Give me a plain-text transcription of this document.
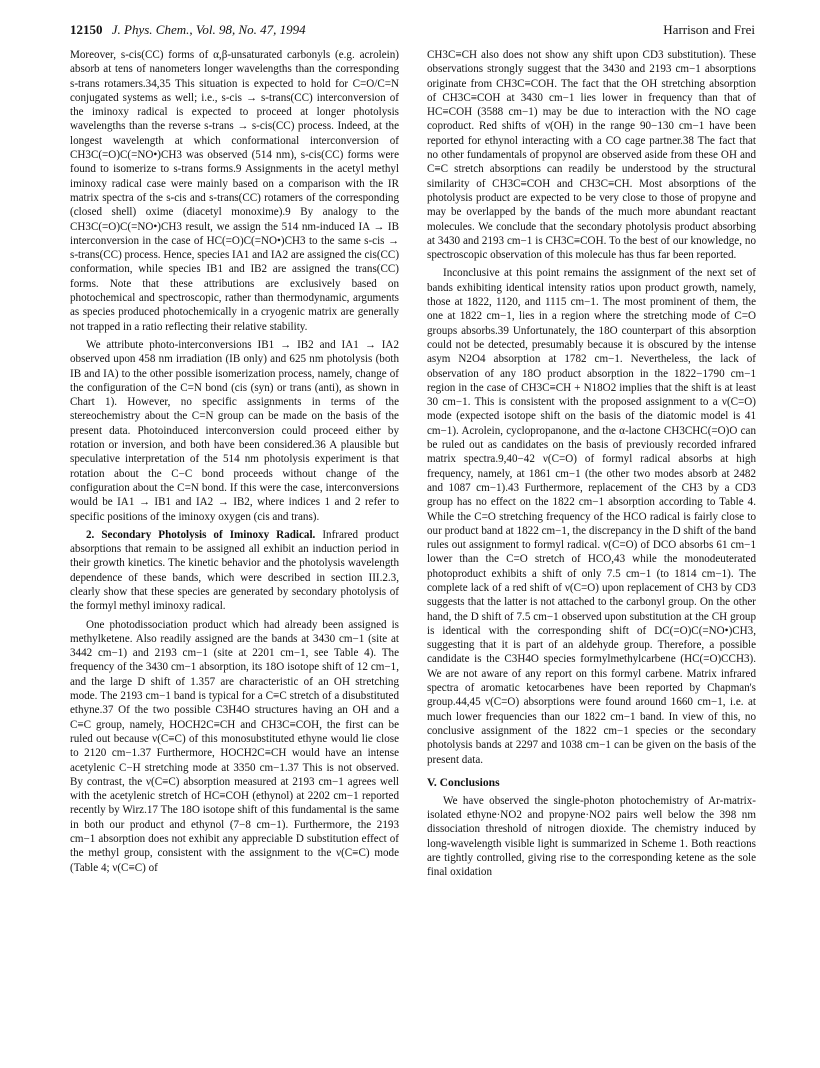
12150 J. Phys. Chem., Vol. 98, No. 47, 1994	Harrison and Frei

Moreover, s-cis(CC) forms of α,β-unsaturated carbonyls (e.g. acrolein) absorb at tens of nanometers longer wavelengths than the corresponding s-trans rotamers.34,35 This situation is expected to hold for C=O/C=N conjugated systems as well; i.e., s-cis → s-trans(CC) interconversion of the iminoxy radical is expected to proceed at longer photolysis wavelengths than the reverse s-trans → s-cis(CC) process. Indeed, at the longest wavelength at which conformational interconversion of CH3C(=O)C(=NO•)CH3 was observed (514 nm), s-cis(CC) forms were found to isomerize to s-trans forms.9 Assignments in the acetyl methyl iminoxy radical case were mainly based on a comparison with the IR matrix spectra of the s-cis and s-trans(CC) rotamers of the corresponding (closed shell) oxime (diacetyl monoxime).9 By analogy to the CH3C(=O)C(=NO•)CH3 result, we assign the 514 nm-induced IA → IB interconversion in the case of HC(=O)C(=NO•)CH3 to the same s-cis → s-trans(CC) process. Hence, species IA1 and IA2 are assigned the cis(CC) conformation, while species IB1 and IB2 are assigned the trans(CC) forms. Note that these attributions are exclusively based on photochemical and spectroscopic, rather than thermodynamic, arguments as species produced photochemically in a cryogenic matrix are generally not trapped in a ratio reflecting their relative stability.

We attribute photo-interconversions IB1 → IB2 and IA1 → IA2 observed upon 458 nm irradiation (IB only) and 625 nm photolysis (both IB and IA) to the other possible isomerization process, namely, change of the configuration of the C=N bond (cis (syn) or trans (anti), as shown in Chart 1). However, no specific assignments in terms of the stereochemistry about the C=N group can be made on the basis of the present data. Photoinduced interconversion could proceed either by rotation or inversion, and both have been considered.36 A plausible but speculative interpretation of the 514 nm photolysis experiment is that rotation about the C−C bond proceeds without change of the configuration about the C=N bond. If this were the case, interconversions would be IA1 → IB1 and IA2 → IB2, where indices 1 and 2 refer to specific positions of the iminoxy oxygen (cis and trans).

2. Secondary Photolysis of Iminoxy Radical. Infrared product absorptions that remain to be assigned all exhibit an induction period in their growth kinetics. The kinetic behavior and the photolysis wavelength dependence of these bands, which were described in section III.2.3, clearly show that these species are generated by secondary photolysis of the formyl methyl iminoxy radical.

One photodissociation product which had already been assigned is methylketene. Also readily assigned are the bands at 3430 cm−1 (site at 3442 cm−1) and 2193 cm−1 (site at 2201 cm−1, see Table 4). The frequency of the 3430 cm−1 absorption, its 18O isotope shift of 12 cm−1, and the large D shift of 1.357 are characteristic of an OH stretching mode. The 2193 cm−1 band is typical for a C≡C stretch of a disubstituted ethyne.37 Of the two possible C3H4O structures having an OH and a C≡C group, namely, HOCH2C≡CH and CH3C≡COH, the first can be ruled out because ν(C≡C) of this monosubstituted ethyne would lie close to 2120 cm−1.37 Furthermore, HOCH2C≡CH would have an intense acetylenic C−H stretching mode at 3350 cm−1.37 This is not observed. By contrast, the ν(C≡C) absorption measured at 2193 cm−1 agrees well with the acetylenic stretch of HC≡COH (ethynol) at 2202 cm−1 reported recently by Wirz.17 The 18O isotope shift of this fundamental is the same in both our product and ethynol (7−8 cm−1). Furthermore, the 2193 cm−1 absorption does not exhibit any appreciable D substitution effect of the methyl group, consistent with the assignment to the ν(C≡C) mode (Table 4; ν(C≡C) of

CH3C≡CH also does not show any shift upon CD3 substitution). These observations strongly suggest that the 3430 and 2193 cm−1 absorptions originate from CH3C≡COH. The fact that the OH stretching absorption of CH3C≡COH at 3430 cm−1 lies lower in frequency than that of HC≡COH (3588 cm−1) may be due to interaction with the NO cage coproduct. Red shifts of ν(OH) in the range 90−130 cm−1 have been reported for ethynol interacting with a CO cage partner.38 The fact that no other fundamentals of propynol are observed aside from these OH and C≡C stretch absorptions can readily be understood by the structural similarity of CH3C≡COH and CH3C≡CH. Most absorptions of the photolysis product are expected to be very close to those of propyne and may be overlapped by the bands of the much more abundant reactant molecules. We conclude that the secondary photolysis product absorbing at 3430 and 2193 cm−1 is CH3C≡COH. To the best of our knowledge, no spectroscopic observation of this molecule has thus far been reported.

Inconclusive at this point remains the assignment of the next set of bands exhibiting identical intensity ratios upon product growth, namely, those at 1822, 1120, and 1115 cm−1. The most prominent of them, the one at 1822 cm−1, lies in a region where the stretching mode of C=O groups absorbs.39 Unfortunately, the 18O counterpart of this absorption could not be detected, presumably because it is obscured by the intense asym N2O4 absorption at 1782 cm−1. Nevertheless, the lack of observation of any 18O product absorption in the 1822−1790 cm−1 region in the case of CH3C≡CH + N18O2 implies that the shift is at least 30 cm−1. This is consistent with the proposed assignment to a ν(C=O) mode (expected isotope shift on the basis of the diatomic model is 41 cm−1). Acrolein, cyclopropanone, and the α-lactone CH3CHC(=O)O can be ruled out as candidates on the basis of previously recorded infrared matrix spectra.9,40−42 ν(C=O) of formyl radical absorbs at high frequency, namely, at 1861 cm−1 (the other two modes absorb at 2482 and 1087 cm−1).43 Furthermore, replacement of the CH3 by a CD3 group has no effect on the 1822 cm−1 absorption according to Table 4. While the C=O stretching frequency of the HCO radical is fairly close to our product band at 1822 cm−1, the discrepancy in the D shift of the band rules out assignment to formyl radical. ν(C=O) of DCO absorbs 61 cm−1 lower than the C=O stretch of HCO,43 while the monodeuterated photoproduct exhibits a shift of only 7.5 cm−1 (to 1814 cm−1). The complete lack of a red shift of ν(C=O) upon replacement of CH3 by CD3 suggests that the latter is not attached to the carbonyl group. On the other hand, the D shift of 7.5 cm−1 observed upon substitution at the CH group is identical with the corresponding shift of DC(=O)C(=NO•)CH3, suggesting that it is part of an aldehyde group. Therefore, a possible candidate is the C3H4O species formylmethylcarbene (HC(=O)CCH3). We are not aware of any report on this formyl carbene. Matrix infrared spectra of aromatic ketocarbenes have been reported by Chapman's group.44,45 ν(C=O) absorptions were found around 1660 cm−1, i.e. at much lower frequencies than our 1822 cm−1 band. In view of this, no conclusive assignment of the 1822 cm−1 species or the secondary photolysis bands at 2297 and 1038 cm−1 can be given on the basis of the present data.

V. Conclusions

We have observed the single-photon photochemistry of Ar-matrix-isolated ethyne·NO2 and propyne·NO2 pairs well below the 398 nm dissociation threshold of nitrogen dioxide. The chemistry induced by long-wavelength visible light is summarized in Scheme 1. Both reactions are tightly controlled, giving rise to the corresponding ketene as the sole final oxidation
